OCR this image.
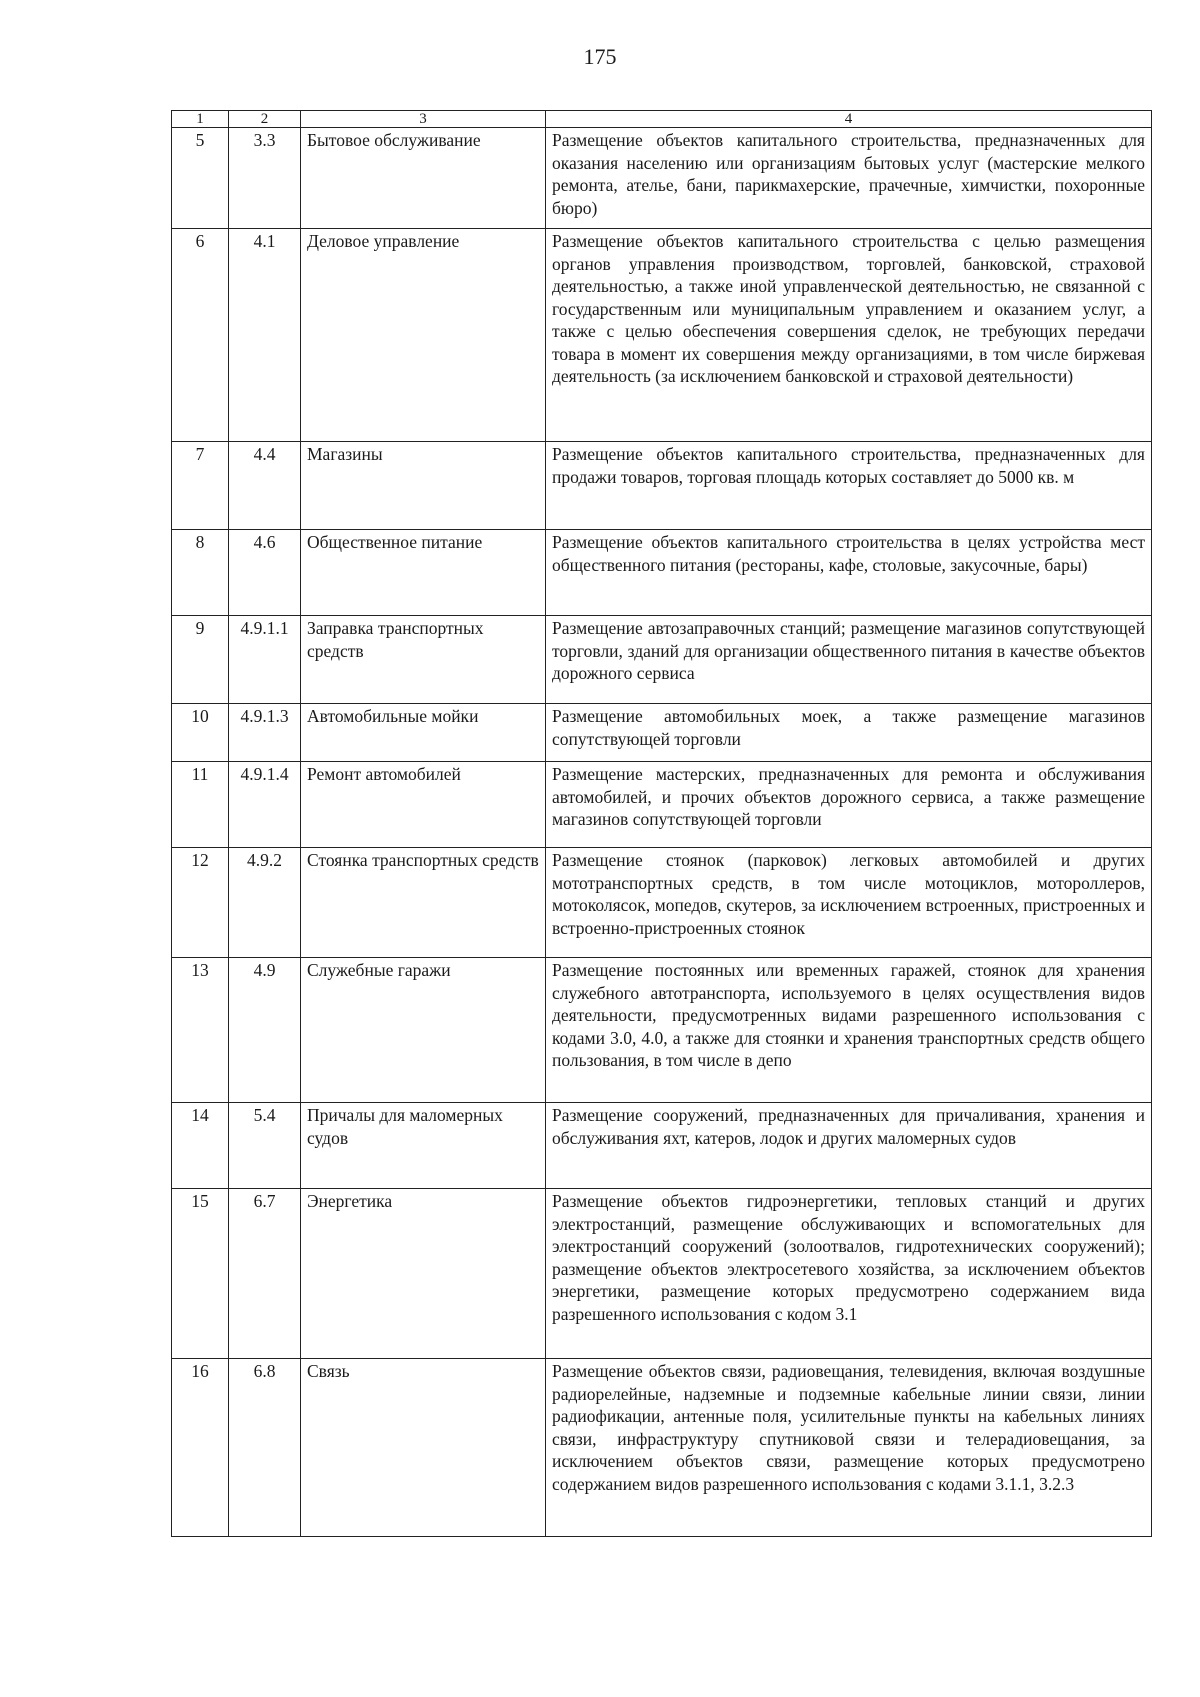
175
1	2	3	4
5	3.3	Бытовое обслуживание	Размещение объектов капитального строительства, предназначенных для оказания населению или организациям бытовых услуг (мастерские мелкого ремонта, ателье, бани, парикмахерские, прачечные, химчистки, похоронные бюро)
6	4.1	Деловое управление	Размещение объектов капитального строительства с целью размещения органов управления производством, торговлей, банковской, страховой деятельностью, а также иной управленческой деятельностью, не связанной с государственным или муниципальным управлением и оказанием услуг, а также с целью обеспечения совершения сделок, не требующих передачи товара в момент их совершения между организациями, в том числе биржевая деятельность (за исключением банковской и страховой деятельности)
7	4.4	Магазины	Размещение объектов капитального строительства, предназначенных для продажи товаров, торговая площадь которых составляет до 5000 кв. м
8	4.6	Общественное питание	Размещение объектов капитального строительства в целях устройства мест общественного питания (рестораны, кафе, столовые, закусочные, бары)
9	4.9.1.1	Заправка транспортных средств	Размещение автозаправочных станций; размещение магазинов сопутствующей торговли, зданий для организации общественного питания в качестве объектов дорожного сервиса
10	4.9.1.3	Автомобильные мойки	Размещение автомобильных моек, а также размещение магазинов сопутствующей торговли
11	4.9.1.4	Ремонт автомобилей	Размещение мастерских, предназначенных для ремонта и обслуживания автомобилей, и прочих объектов дорожного сервиса, а также размещение магазинов сопутствующей торговли
12	4.9.2	Стоянка транспортных средств	Размещение стоянок (парковок) легковых автомобилей и других мототранспортных средств, в том числе мотоциклов, мотороллеров, мотоколясок, мопедов, скутеров, за исключением встроенных, пристроенных и встроенно-пристроенных стоянок
13	4.9	Служебные гаражи	Размещение постоянных или временных гаражей, стоянок для хранения служебного автотранспорта, используемого в целях осуществления видов деятельности, предусмотренных видами разрешенного использования с кодами 3.0, 4.0, а также для стоянки и хранения транспортных средств общего пользования, в том числе в депо
14	5.4	Причалы для маломерных судов	Размещение сооружений, предназначенных для причаливания, хранения и обслуживания яхт, катеров, лодок и других маломерных судов
15	6.7	Энергетика	Размещение объектов гидроэнергетики, тепловых станций и других электростанций, размещение обслуживающих и вспомогательных для электростанций сооружений (золоотвалов, гидротехнических сооружений); размещение объектов электросетевого хозяйства, за исключением объектов энергетики, размещение которых предусмотрено содержанием вида разрешенного использования с кодом 3.1
16	6.8	Связь	Размещение объектов связи, радиовещания, телевидения, включая воздушные радиорелейные, надземные и подземные кабельные линии связи, линии радиофикации, антенные поля, усилительные пункты на кабельных линиях связи, инфраструктуру спутниковой связи и телерадиовещания, за исключением объектов связи, размещение которых предусмотрено содержанием видов разрешенного использования с кодами 3.1.1, 3.2.3
